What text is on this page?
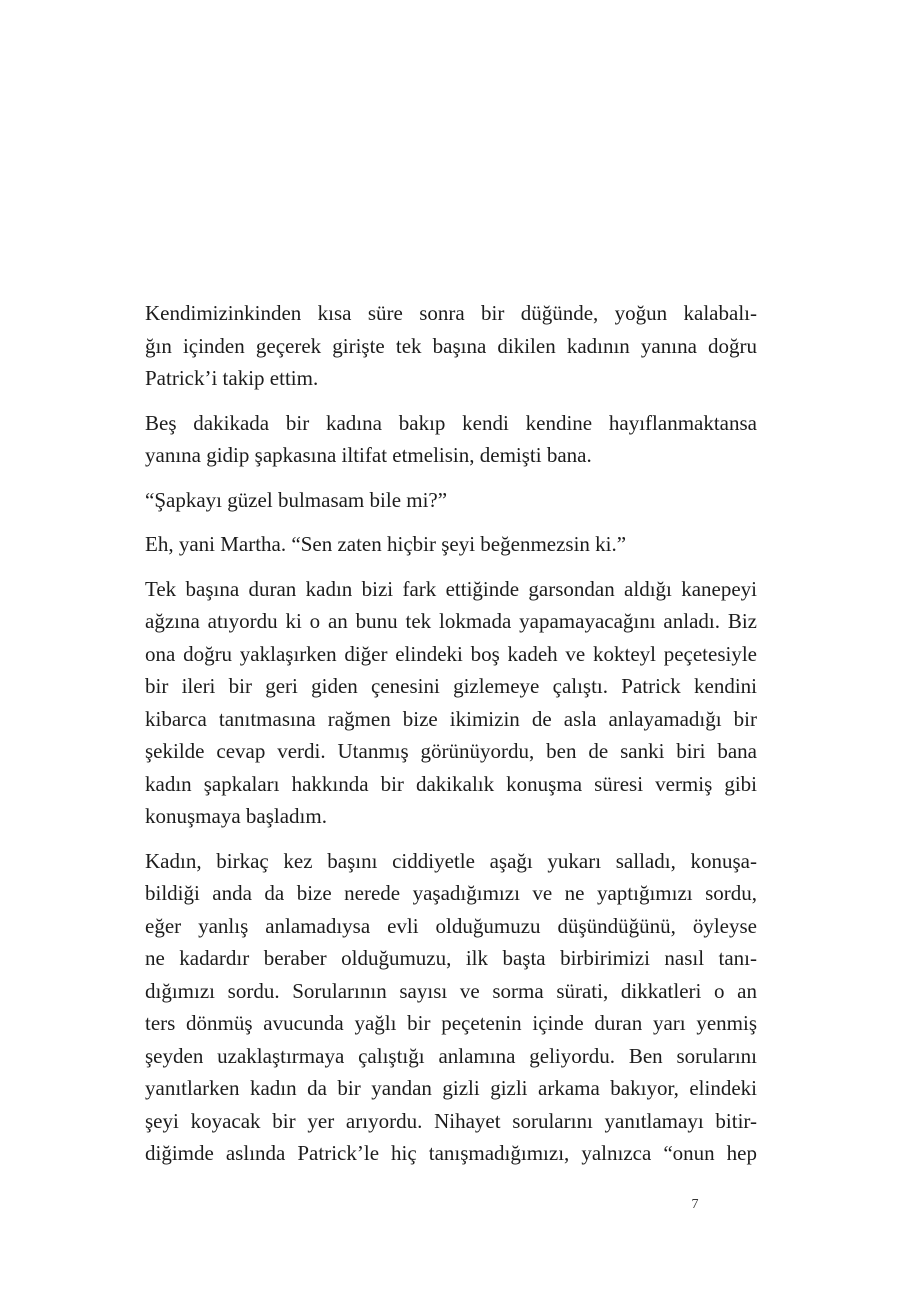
Kendimizinkinden kısa süre sonra bir düğünde, yoğun kalabalı-
ğın içinden geçerek girişte tek başına dikilen kadının yanına doğru
Patrick’i takip ettim.

Beş dakikada bir kadına bakıp kendi kendine hayıflanmaktansa
yanına gidip şapkasına iltifat etmelisin, demişti bana.

“Şapkayı güzel bulmasam bile mi?”

Eh, yani Martha. “Sen zaten hiçbir şeyi beğenmezsin ki.”

Tek başına duran kadın bizi fark ettiğinde garsondan aldığı kanepeyi
ağzına atıyordu ki o an bunu tek lokmada yapamayacağını anladı. Biz
ona doğru yaklaşırken diğer elindeki boş kadeh ve kokteyl peçetesiyle
bir ileri bir geri giden çenesini gizlemeye çalıştı. Patrick kendini
kibarca tanıtmasına rağmen bize ikimizin de asla anlayamadığı bir
şekilde cevap verdi. Utanmış görünüyordu, ben de sanki biri bana
kadın şapkaları hakkında bir dakikalık konuşma süresi vermiş gibi
konuşmaya başladım.

Kadın, birkaç kez başını ciddiyetle aşağı yukarı salladı, konuşa-
bildiği anda da bize nerede yaşadığımızı ve ne yaptığımızı sordu,
eğer yanlış anlamadıysa evli olduğumuzu düşündüğünü, öyleyse
ne kadardır beraber olduğumuzu, ilk başta birbirimizi nasıl tanı-
dığımızı sordu. Sorularının sayısı ve sorma sürati, dikkatleri o an
ters dönmüş avucunda yağlı bir peçetenin içinde duran yarı yenmiş
şeyden uzaklaştırmaya çalıştığı anlamına geliyordu. Ben sorularını
yanıtlarken kadın da bir yandan gizli gizli arkama bakıyor, elindeki
şeyi koyacak bir yer arıyordu. Nihayet sorularını yanıtlamayı bitir-
diğimde aslında Patrick’le hiç tanışmadığımızı, yalnızca “onun hep

7
